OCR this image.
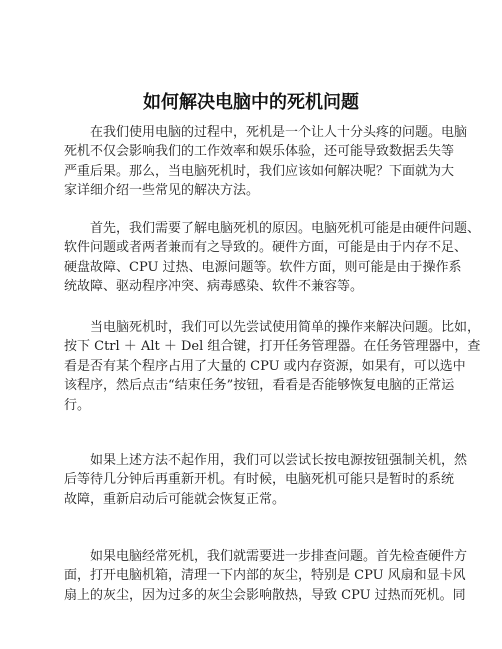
如何解决电脑中的死机问题
　　在我们使用电脑的过程中，死机是一个让人十分头疼的问题。电脑
死机不仅会影响我们的工作效率和娱乐体验，还可能导致数据丢失等
严重后果。那么，当电脑死机时，我们应该如何解决呢？下面就为大
家详细介绍一些常见的解决方法。
　　首先，我们需要了解电脑死机的原因。电脑死机可能是由硬件问题、
软件问题或者两者兼而有之导致的。硬件方面，可能是由于内存不足、
硬盘故障、CPU 过热、电源问题等。软件方面，则可能是由于操作系
统故障、驱动程序冲突、病毒感染、软件不兼容等。
　　当电脑死机时，我们可以先尝试使用简单的操作来解决问题。比如，
按下 Ctrl ＋ Alt ＋ Del 组合键，打开任务管理器。在任务管理器中，查
看是否有某个程序占用了大量的 CPU 或内存资源，如果有，可以选中
该程序，然后点击“结束任务”按钮，看看是否能够恢复电脑的正常运
行。
　　如果上述方法不起作用，我们可以尝试长按电源按钮强制关机，然
后等待几分钟后再重新开机。有时候，电脑死机可能只是暂时的系统
故障，重新启动后可能就会恢复正常。
　　如果电脑经常死机，我们就需要进一步排查问题。首先检查硬件方
面，打开电脑机箱，清理一下内部的灰尘，特别是 CPU 风扇和显卡风
扇上的灰尘，因为过多的灰尘会影响散热，导致 CPU 过热而死机。同
